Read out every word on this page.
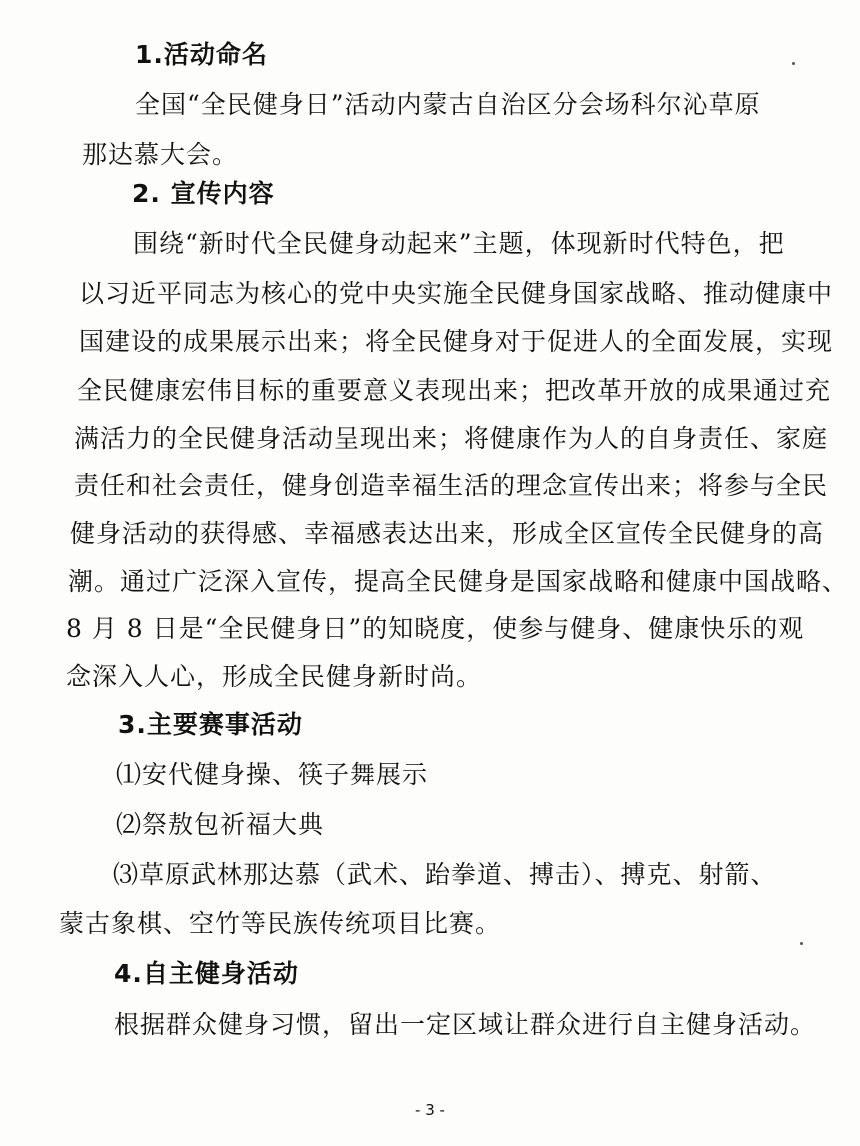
1.活动命名
全国“全民健身日”活动内蒙古自治区分会场科尔沁草原
那达慕大会。
2. 宣传内容
围绕“新时代全民健身动起来”主题，体现新时代特色，把
以习近平同志为核心的党中央实施全民健身国家战略、推动健康中
国建设的成果展示出来；将全民健身对于促进人的全面发展，实现
全民健康宏伟目标的重要意义表现出来；把改革开放的成果通过充
满活力的全民健身活动呈现出来；将健康作为人的自身责任、家庭
责任和社会责任，健身创造幸福生活的理念宣传出来；将参与全民
健身活动的获得感、幸福感表达出来，形成全区宣传全民健身的高
潮。通过广泛深入宣传，提高全民健身是国家战略和健康中国战略、
8 月 8 日是“全民健身日”的知晓度，使参与健身、健康快乐的观
念深入人心，形成全民健身新时尚。
3.主要赛事活动
⑴安代健身操、筷子舞展示
⑵祭敖包祈福大典
⑶草原武林那达慕（武术、跆拳道、搏击）、搏克、射箭、
蒙古象棋、空竹等民族传统项目比赛。
4.自主健身活动
根据群众健身习惯，留出一定区域让群众进行自主健身活动。
- 3 -
